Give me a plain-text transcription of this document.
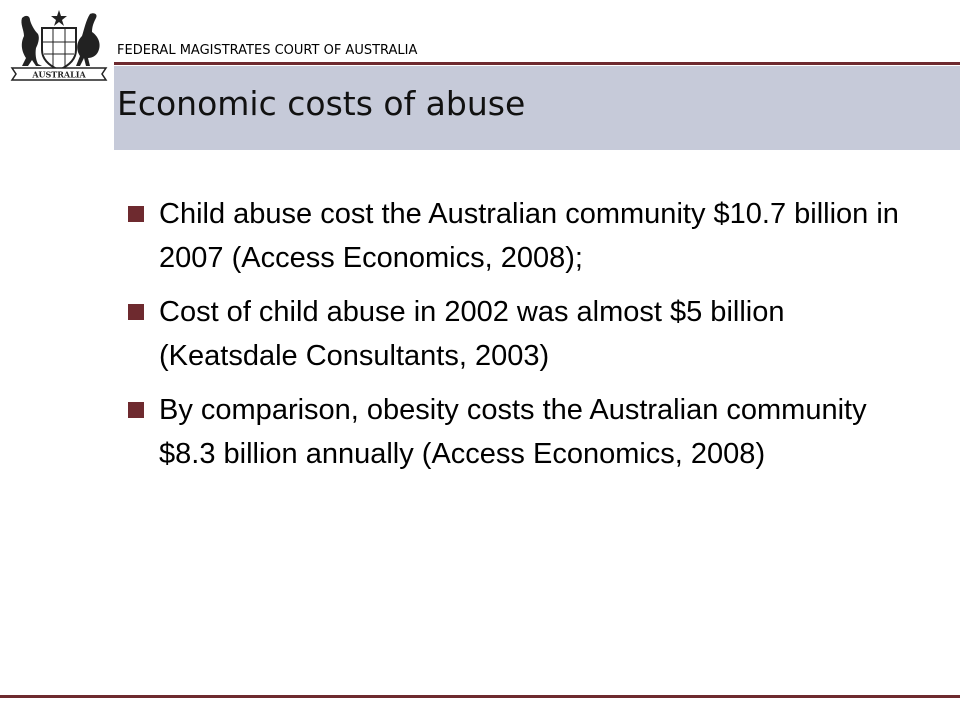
AUSTRALIA
FEDERAL MAGISTRATES COURT OF AUSTRALIA
Economic costs of abuse
Child abuse cost the Australian community $10.7 billion in 2007 (Access Economics, 2008);
Cost of child abuse in 2002 was almost $5 billion (Keatsdale Consultants, 2003)
By comparison, obesity costs the Australian community $8.3 billion annually (Access Economics, 2008)
